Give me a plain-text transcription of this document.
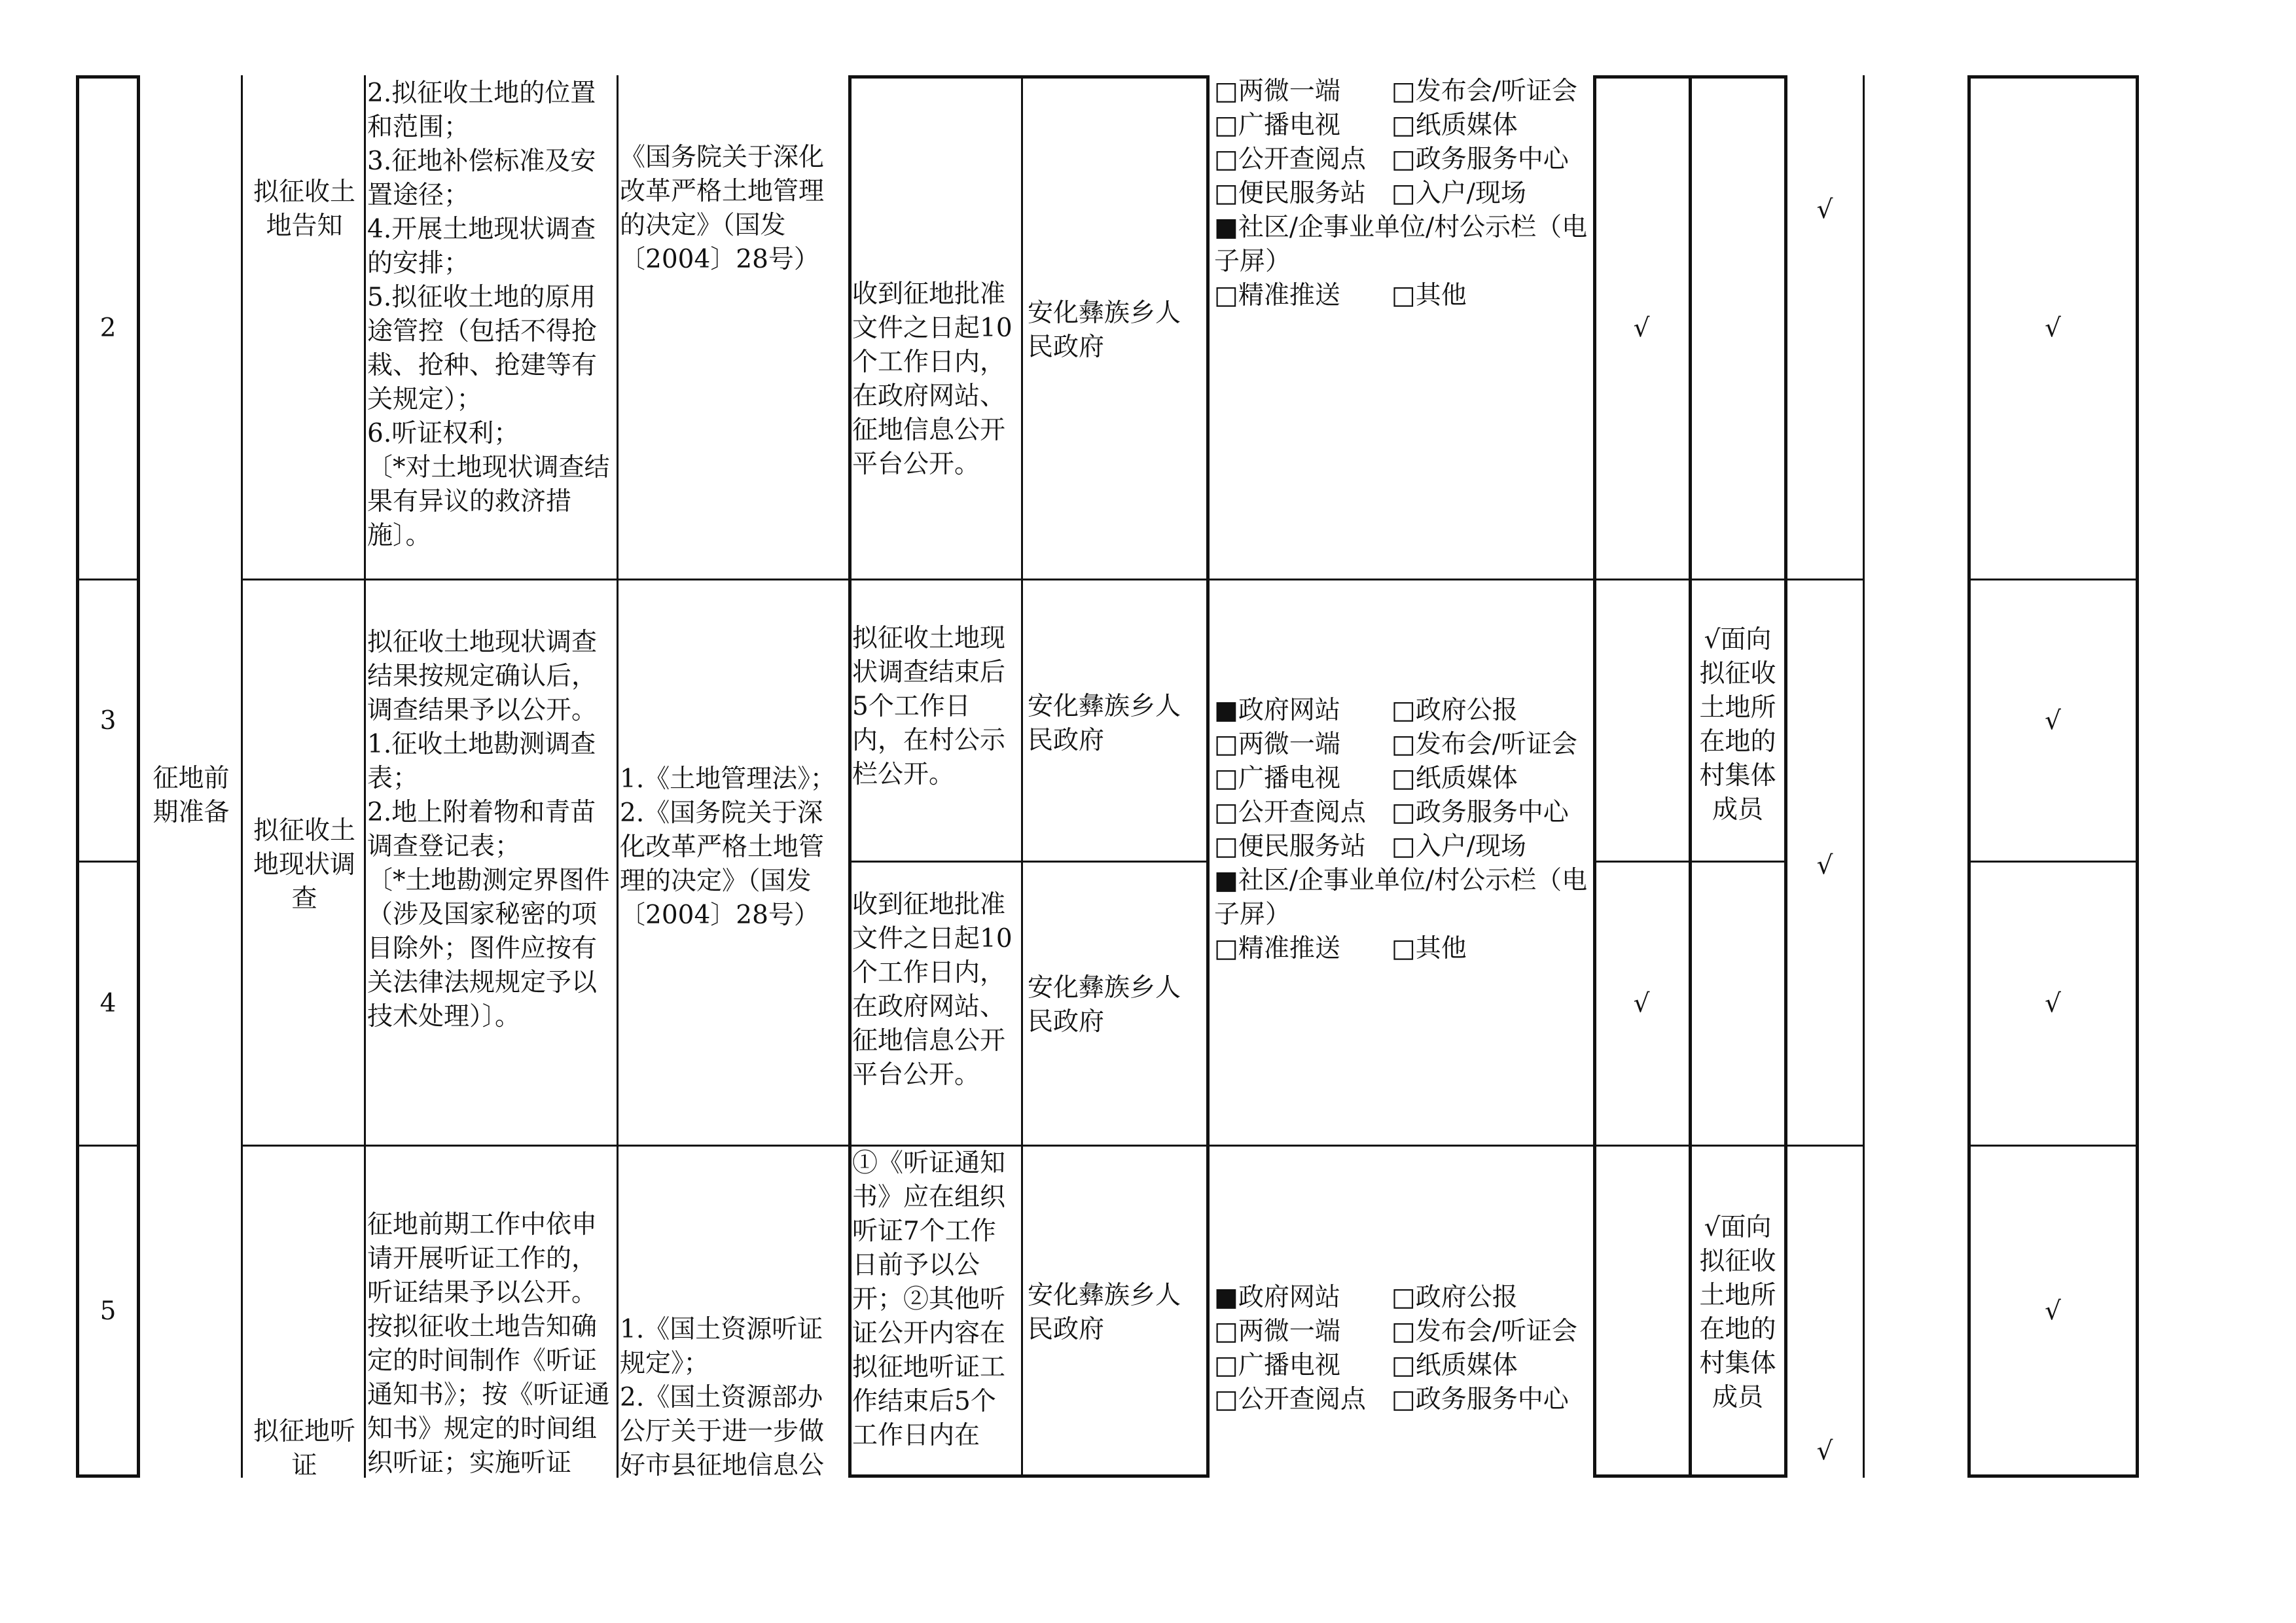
2
拟征收土地告知
2.拟征收土地的位置和范围；
3.征地补偿标准及安置途径；
4.开展土地现状调查的安排；
5.拟征收土地的原用途管控（包括不得抢栽、抢种、抢建等有关规定）；
6.听证权利；
〔*对土地现状调查结果有异议的救济措施〕。
《国务院关于深化改革严格土地管理的决定》（国发〔2004〕28号）
收到征地批准文件之日起10个工作日内，在政府网站、征地信息公开平台公开。
安化彝族乡人民政府
□两微一端　　□发布会/听证会
□广播电视　　□纸质媒体
□公开查阅点　□政务服务中心
□便民服务站　□入户/现场
■社区/企事业单位/村公示栏（电子屏）
□精准推送　　□其他
√
√
√
3
4
征地前期准备
拟征收土地现状调查
拟征收土地现状调查结果按规定确认后，调查结果予以公开。
1.征收土地勘测调查表；
2.地上附着物和青苗调查登记表；
〔*土地勘测定界图件（涉及国家秘密的项目除外；图件应按有关法律法规规定予以技术处理）〕。
1.《土地管理法》；
2.《国务院关于深化改革严格土地管理的决定》（国发〔2004〕28号）
拟征收土地现状调查结束后5个工作日内，在村公示栏公开。
收到征地批准文件之日起10个工作日内，在政府网站、征地信息公开平台公开。
安化彝族乡人民政府
安化彝族乡人民政府
■政府网站　　□政府公报
□两微一端　　□发布会/听证会
□广播电视　　□纸质媒体
□公开查阅点　□政务服务中心
□便民服务站　□入户/现场
■社区/企事业单位/村公示栏（电子屏）
□精准推送　　□其他
√
√面向拟征收土地所在地的村集体成员
√
√
√
5
拟征地听证
征地前期工作中依申请开展听证工作的，听证结果予以公开。按拟征收土地告知确定的时间制作《听证通知书》；按《听证通知书》规定的时间组织听证；实施听证
1.《国土资源听证规定》；
2.《国土资源部办公厅关于进一步做好市县征地信息公
①《听证通知书》应在组织听证7个工作日前予以公开；②其他听证公开内容在拟征地听证工作结束后5个工作日内在
安化彝族乡人民政府
■政府网站　　□政府公报
□两微一端　　□发布会/听证会
□广播电视　　□纸质媒体
□公开查阅点　□政务服务中心
√面向拟征收土地所在地的村集体成员
√
√
